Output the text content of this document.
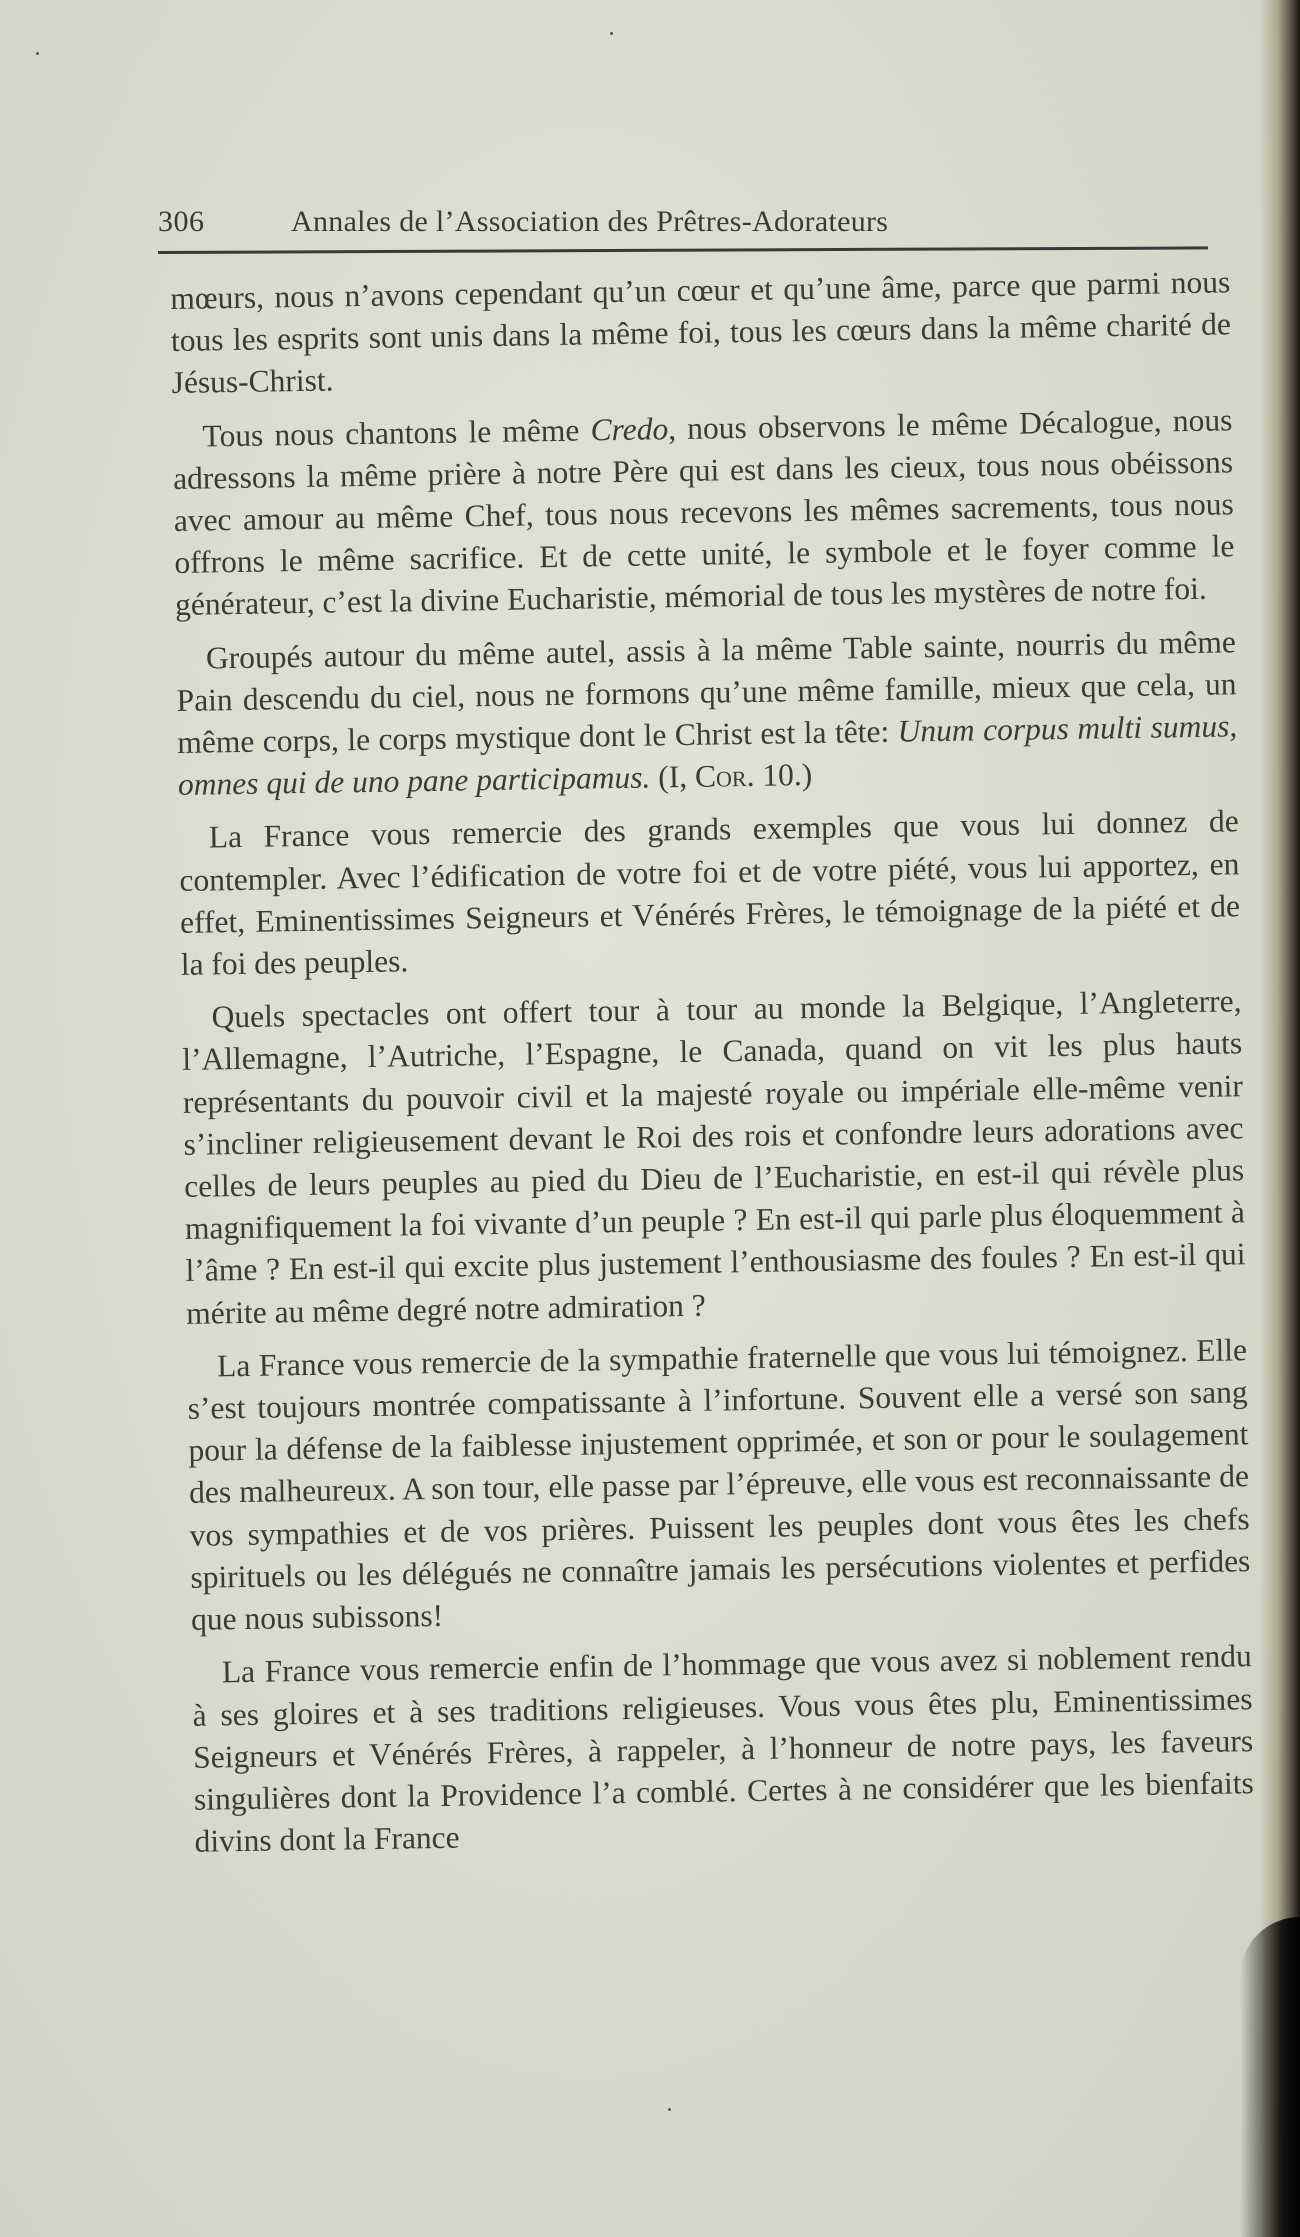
306	Annales de l’Association des Prêtres-Adorateurs

mœurs, nous n’avons cependant qu’un cœur et qu’une âme, parce que parmi nous tous les esprits sont unis dans la même foi, tous les cœurs dans la même charité de Jésus-Christ.

Tous nous chantons le même Credo, nous observons le même Décalogue, nous adressons la même prière à notre Père qui est dans les cieux, tous nous obéissons avec amour au même Chef, tous nous recevons les mêmes sacrements, tous nous offrons le même sacrifice. Et de cette unité, le symbole et le foyer comme le générateur, c’est la divine Eucharistie, mémorial de tous les mystères de notre foi.

Groupés autour du même autel, assis à la même Table sainte, nourris du même Pain descendu du ciel, nous ne formons qu’une même famille, mieux que cela, un même corps, le corps mystique dont le Christ est la tête: Unum corpus multi sumus, omnes qui de uno pane participamus. (I, Cor. 10.)

La France vous remercie des grands exemples que vous lui donnez de contempler. Avec l’édification de votre foi et de votre piété, vous lui apportez, en effet, Eminentissimes Seigneurs et Vénérés Frères, le témoignage de la piété et de la foi des peuples.

Quels spectacles ont offert tour à tour au monde la Belgique, l’Angleterre, l’Allemagne, l’Autriche, l’Espagne, le Canada, quand on vit les plus hauts représentants du pouvoir civil et la majesté royale ou impériale elle-même venir s’incliner religieusement devant le Roi des rois et confondre leurs adorations avec celles de leurs peuples au pied du Dieu de l’Eucharistie, en est-il qui révèle plus magnifiquement la foi vivante d’un peuple ? En est-il qui parle plus éloquemment à l’âme ? En est-il qui excite plus justement l’enthousiasme des foules ? En est-il qui mérite au même degré notre admiration ?

La France vous remercie de la sympathie fraternelle que vous lui témoignez. Elle s’est toujours montrée compatissante à l’infortune. Souvent elle a versé son sang pour la défense de la faiblesse injustement opprimée, et son or pour le soulagement des malheureux. A son tour, elle passe par l’épreuve, elle vous est reconnaissante de vos sympathies et de vos prières. Puissent les peuples dont vous êtes les chefs spirituels ou les délégués ne connaître jamais les persécutions violentes et perfides que nous subissons!

La France vous remercie enfin de l’hommage que vous avez si noblement rendu à ses gloires et à ses traditions religieuses. Vous vous êtes plu, Eminentissimes Seigneurs et Vénérés Frères, à rappeler, à l’honneur de notre pays, les faveurs singulières dont la Providence l’a comblé. Certes à ne considérer que les bienfaits divins dont la France
